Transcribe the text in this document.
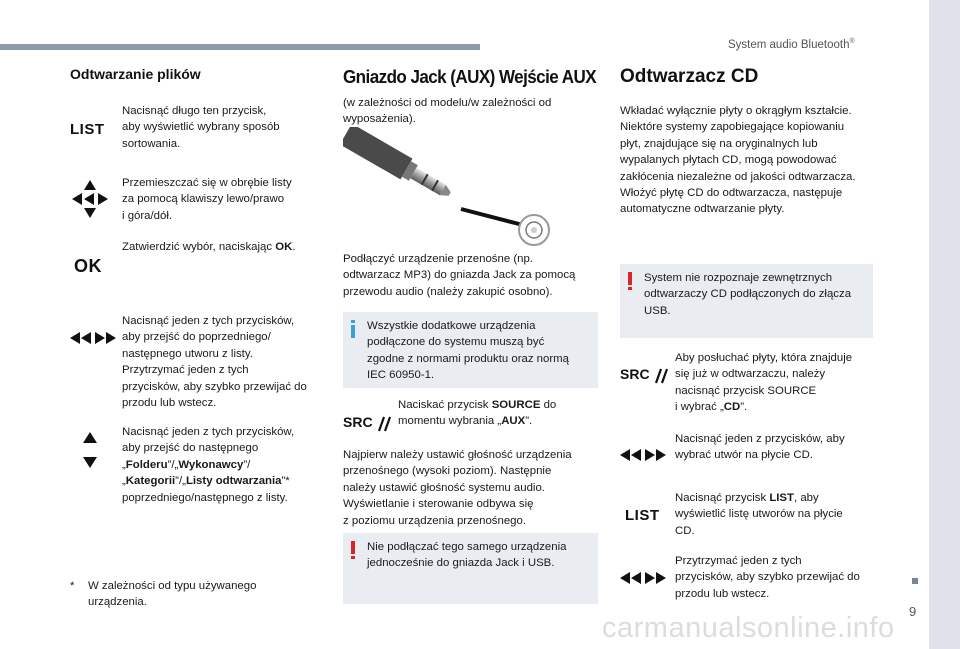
System audio Bluetooth®
9
Odtwarzanie plików
LIST
Nacisnąć długo ten przycisk,
aby wyświetlić wybrany sposób
sortowania.
Przemieszczać się w obrębie listy
za pomocą klawiszy lewo/prawo
i góra/dół.
OK
Zatwierdzić wybór, naciskając OK.
Nacisnąć jeden z tych przycisków,
aby przejść do poprzedniego/
następnego utworu z listy.
Przytrzymać jeden z tych
przycisków, aby szybko przewijać do
przodu lub wstecz.
Nacisnąć jeden z tych przycisków,
aby przejść do następnego
„Folderu”/„Wykonawcy”/
„Kategorii”/„Listy odtwarzania”*
poprzedniego/następnego z listy.
* W zależności od typu używanego
urządzenia.
Gniazdo Jack (AUX) Wejście AUX
(w zależności od modelu/w zależności od
wyposażenia).
Podłączyć urządzenie przenośne (np.
odtwarzacz MP3) do gniazda Jack za pomocą
przewodu audio (należy zakupić osobno).
Wszystkie dodatkowe urządzenia
podłączone do systemu muszą być
zgodne z normami produktu oraz normą
IEC 60950-1.
SRC
Naciskać przycisk SOURCE do
momentu wybrania „AUX”.
Najpierw należy ustawić głośność urządzenia
przenośnego (wysoki poziom). Następnie
należy ustawić głośność systemu audio.
Wyświetlanie i sterowanie odbywa się
z poziomu urządzenia przenośnego.
Nie podłączać tego samego urządzenia
jednocześnie do gniazda Jack i USB.
Odtwarzacz CD
Wkładać wyłącznie płyty o okrągłym kształcie.
Niektóre systemy zapobiegające kopiowaniu
płyt, znajdujące się na oryginalnych lub
wypalanych płytach CD, mogą powodować
zakłócenia niezależne od jakości odtwarzacza.
Włożyć płytę CD do odtwarzacza, następuje
automatyczne odtwarzanie płyty.
System nie rozpoznaje zewnętrznych
odtwarzaczy CD podłączonych do złącza
USB.
SRC
Aby posłuchać płyty, która znajduje
się już w odtwarzaczu, należy
nacisnąć przycisk SOURCE
i wybrać „CD”.
Nacisnąć jeden z przycisków, aby
wybrać utwór na płycie CD.
LIST
Nacisnąć przycisk LIST, aby
wyświetlić listę utworów na płycie
CD.
Przytrzymać jeden z tych
przycisków, aby szybko przewijać do
przodu lub wstecz.
carmanualsonline.info
